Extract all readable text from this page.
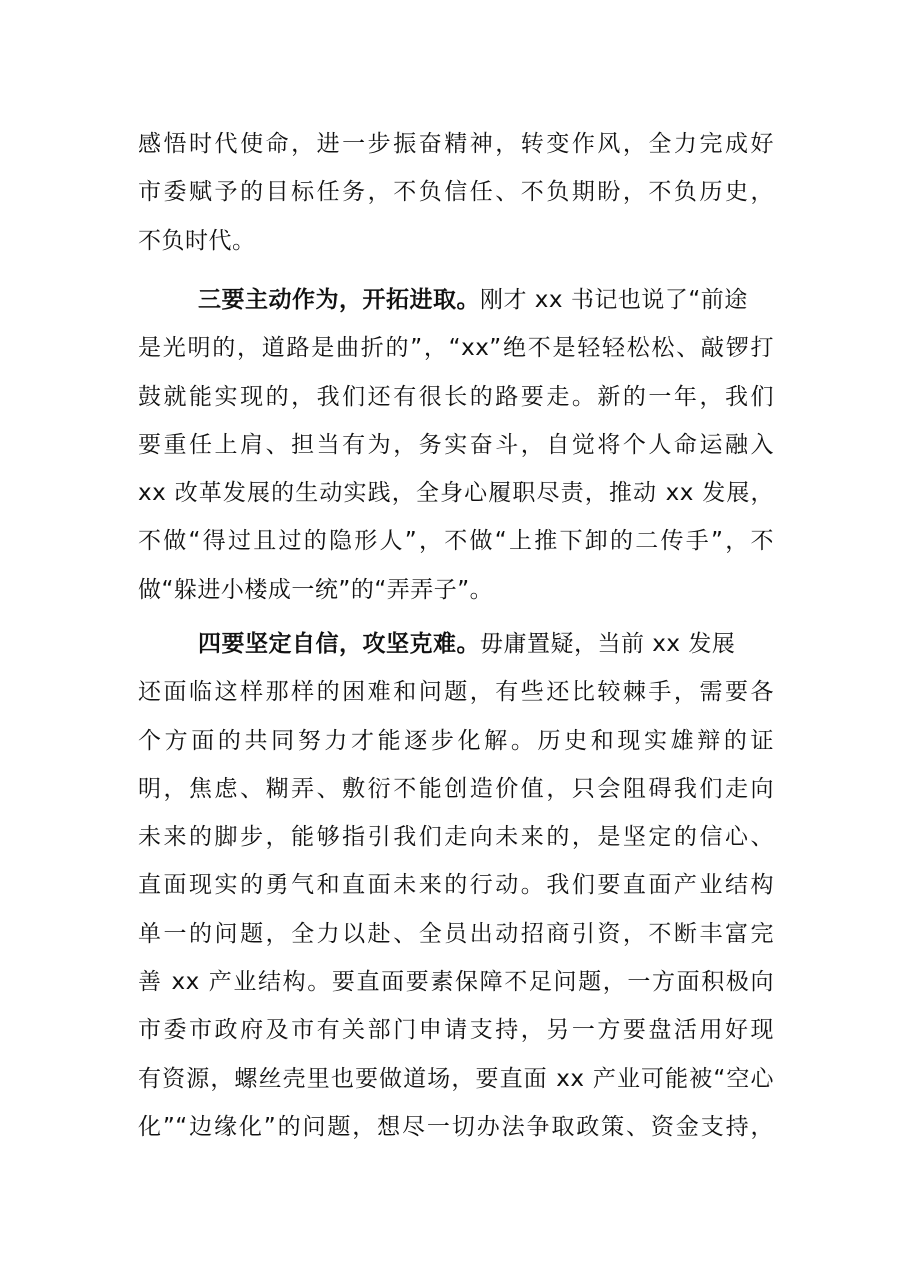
感悟时代使命，进一步振奋精神，转变作风，全力完成好
市委赋予的目标任务，不负信任、不负期盼，不负历史，
不负时代。
三要主动作为，开拓进取。刚才 xx 书记也说了“前途
是光明的，道路是曲折的”，“xx”绝不是轻轻松松、敲锣打
鼓就能实现的，我们还有很长的路要走。新的一年，我们
要重任上肩、担当有为，务实奋斗，自觉将个人命运融入
xx 改革发展的生动实践，全身心履职尽责，推动 xx 发展，
不做“得过且过的隐形人”，不做“上推下卸的二传手”，不
做“躲进小楼成一统”的“弄弄子”。
四要坚定自信，攻坚克难。毋庸置疑，当前 xx 发展
还面临这样那样的困难和问题，有些还比较棘手，需要各
个方面的共同努力才能逐步化解。历史和现实雄辩的证
明，焦虑、糊弄、敷衍不能创造价值，只会阻碍我们走向
未来的脚步，能够指引我们走向未来的，是坚定的信心、
直面现实的勇气和直面未来的行动。我们要直面产业结构
单一的问题，全力以赴、全员出动招商引资，不断丰富完
善 xx 产业结构。要直面要素保障不足问题，一方面积极向
市委市政府及市有关部门申请支持，另一方要盘活用好现
有资源，螺丝壳里也要做道场，要直面 xx 产业可能被“空心
化”“边缘化”的问题，想尽一切办法争取政策、资金支持，
